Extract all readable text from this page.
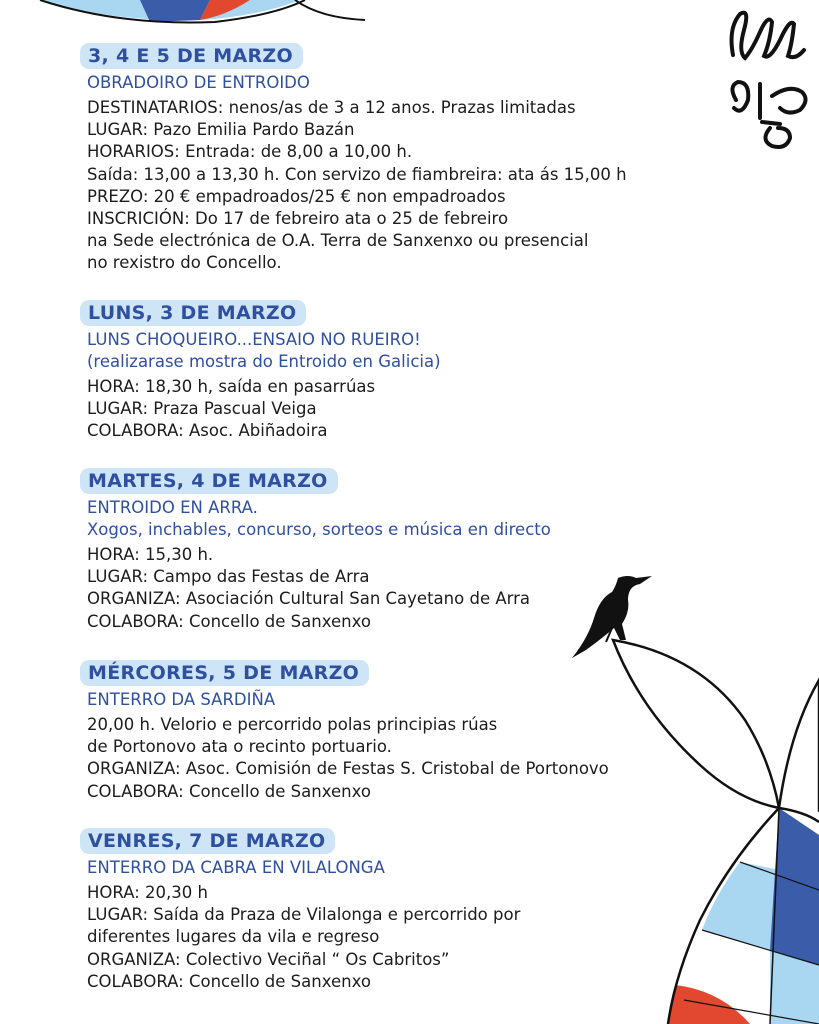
3, 4 E 5 DE MARZO
OBRADOIRO DE ENTROIDO
DESTINATARIOS: nenos/as de 3 a 12 anos. Prazas limitadas
LUGAR: Pazo Emilia Pardo Bazán
HORARIOS: Entrada: de 8,00 a 10,00 h.
Saída: 13,00 a 13,30 h. Con servizo de fiambreira: ata ás 15,00 h
PREZO: 20 € empadroados/25 € non empadroados
INSCRICIÓN: Do 17 de febreiro ata o 25 de febreiro
na Sede electrónica de O.A. Terra de Sanxenxo ou presencial
no rexistro do Concello.
LUNS, 3 DE MARZO
LUNS CHOQUEIRO...ENSAIO NO RUEIRO!
(realizarase mostra do Entroido en Galicia)
HORA: 18,30 h, saída en pasarrúas
LUGAR: Praza Pascual Veiga
COLABORA: Asoc. Abiñadoira
MARTES, 4 DE MARZO
ENTROIDO EN ARRA.
Xogos, inchables, concurso, sorteos e música en directo
HORA: 15,30 h.
LUGAR: Campo das Festas de Arra
ORGANIZA: Asociación Cultural San Cayetano de Arra
COLABORA: Concello de Sanxenxo
MÉRCORES, 5 DE MARZO
ENTERRO DA SARDIÑA
20,00 h. Velorio e percorrido polas principias rúas
de Portonovo ata o recinto portuario.
ORGANIZA: Asoc. Comisión de Festas S. Cristobal de Portonovo
COLABORA: Concello de Sanxenxo
VENRES, 7 DE MARZO
ENTERRO DA CABRA EN VILALONGA
HORA: 20,30 h
LUGAR: Saída da Praza de Vilalonga e percorrido por
diferentes lugares da vila e regreso
ORGANIZA: Colectivo Veciñal “ Os Cabritos”
COLABORA: Concello de Sanxenxo
